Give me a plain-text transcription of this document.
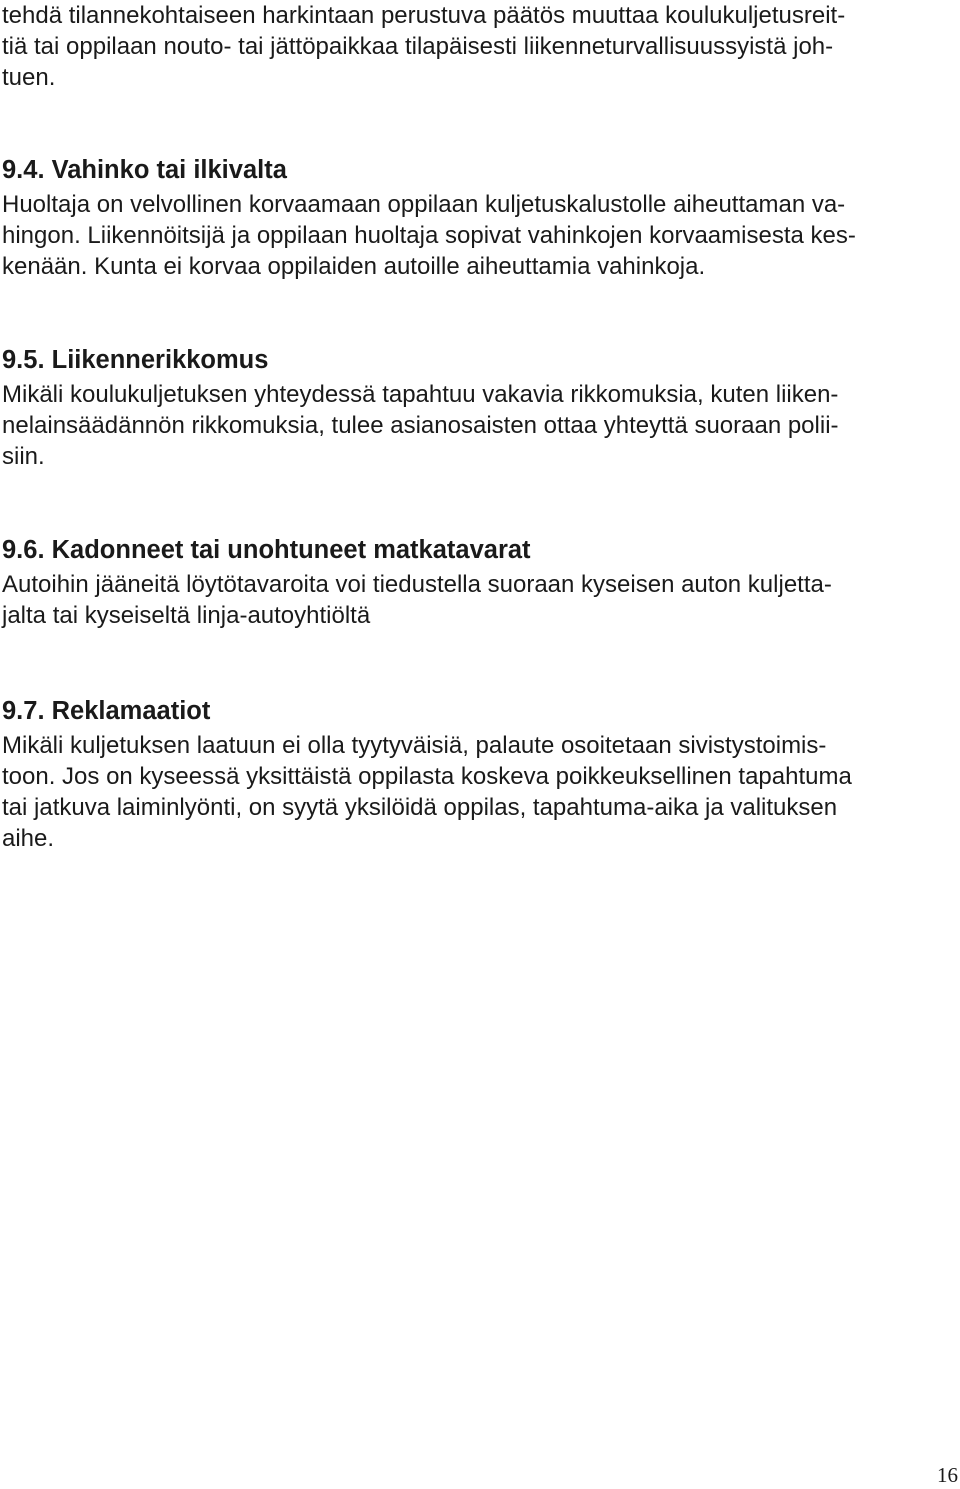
tehdä tilannekohtaiseen harkintaan perustuva päätös muuttaa koulukuljetusreit-
tiä tai oppilaan nouto- tai jättöpaikkaa tilapäisesti liikenneturvallisuussyistä joh-
tuen.
9.4. Vahinko tai ilkivalta
Huoltaja on velvollinen korvaamaan oppilaan kuljetuskalustolle aiheuttaman va-
hingon. Liikennöitsijä ja oppilaan huoltaja sopivat vahinkojen korvaamisesta kes-
kenään. Kunta ei korvaa oppilaiden autoille aiheuttamia vahinkoja.
9.5. Liikennerikkomus
Mikäli koulukuljetuksen yhteydessä tapahtuu vakavia rikkomuksia, kuten liiken-
nelainsäädännön rikkomuksia, tulee asianosaisten ottaa yhteyttä suoraan polii-
siin.
9.6. Kadonneet tai unohtuneet matkatavarat
Autoihin jääneitä löytötavaroita voi tiedustella suoraan kyseisen auton kuljetta-
jalta tai kyseiseltä linja-autoyhtiöltä
9.7. Reklamaatiot
Mikäli kuljetuksen laatuun ei olla tyytyväisiä, palaute osoitetaan sivistystoimis-
toon. Jos on kyseessä yksittäistä oppilasta koskeva poikkeuksellinen tapahtuma
tai jatkuva laiminlyönti, on syytä yksilöidä oppilas, tapahtuma-aika ja valituksen
aihe.
16
